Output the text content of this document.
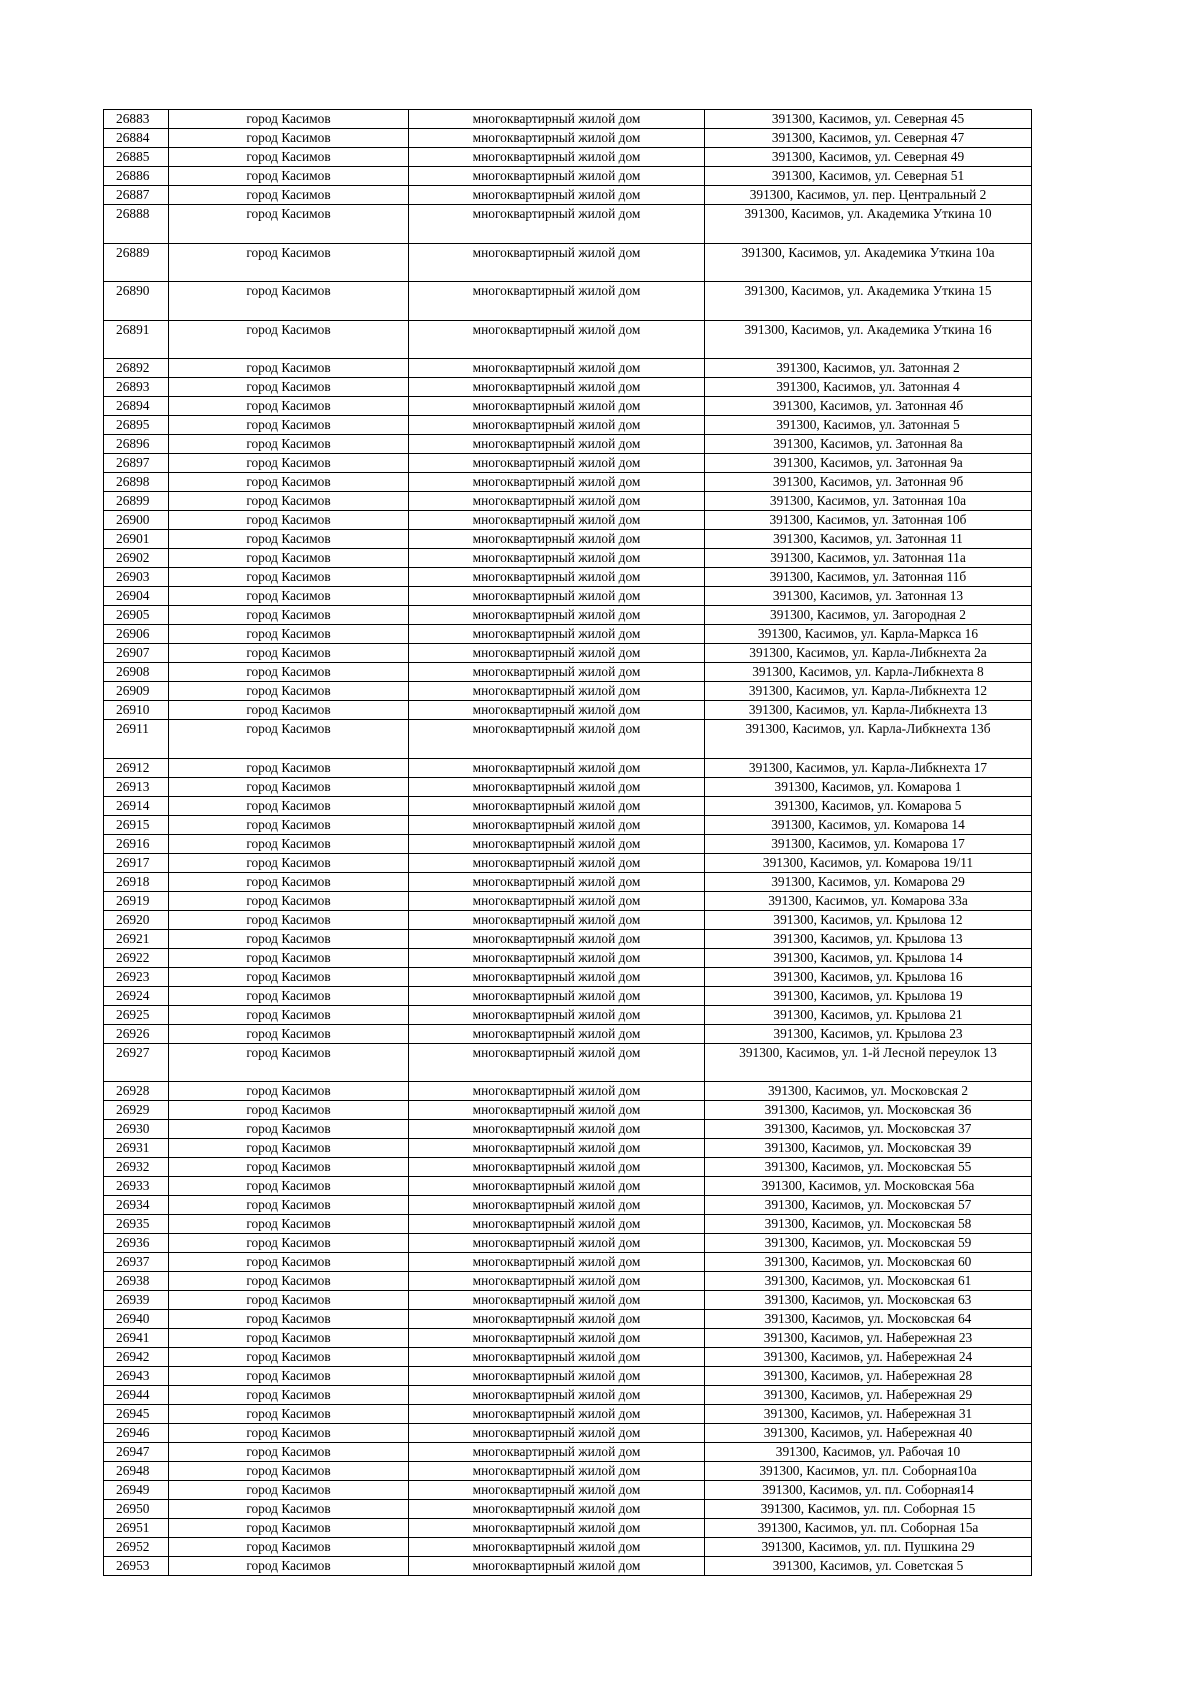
26883	город Касимов	многоквартирный жилой дом	391300, Касимов, ул. Северная 45
26884	город Касимов	многоквартирный жилой дом	391300, Касимов, ул. Северная 47
26885	город Касимов	многоквартирный жилой дом	391300, Касимов, ул. Северная 49
26886	город Касимов	многоквартирный жилой дом	391300, Касимов, ул. Северная 51
26887	город Касимов	многоквартирный жилой дом	391300, Касимов, ул. пер. Центральный 2
26888	город Касимов	многоквартирный жилой дом	391300, Касимов, ул. Академика Уткина 10
26889	город Касимов	многоквартирный жилой дом	391300, Касимов, ул. Академика Уткина 10а
26890	город Касимов	многоквартирный жилой дом	391300, Касимов, ул. Академика Уткина 15
26891	город Касимов	многоквартирный жилой дом	391300, Касимов, ул. Академика Уткина 16
26892	город Касимов	многоквартирный жилой дом	391300, Касимов, ул. Затонная 2
26893	город Касимов	многоквартирный жилой дом	391300, Касимов, ул. Затонная 4
26894	город Касимов	многоквартирный жилой дом	391300, Касимов, ул. Затонная 4б
26895	город Касимов	многоквартирный жилой дом	391300, Касимов, ул. Затонная 5
26896	город Касимов	многоквартирный жилой дом	391300, Касимов, ул. Затонная 8а
26897	город Касимов	многоквартирный жилой дом	391300, Касимов, ул. Затонная 9а
26898	город Касимов	многоквартирный жилой дом	391300, Касимов, ул. Затонная 9б
26899	город Касимов	многоквартирный жилой дом	391300, Касимов, ул. Затонная 10а
26900	город Касимов	многоквартирный жилой дом	391300, Касимов, ул. Затонная 10б
26901	город Касимов	многоквартирный жилой дом	391300, Касимов, ул. Затонная 11
26902	город Касимов	многоквартирный жилой дом	391300, Касимов, ул. Затонная 11а
26903	город Касимов	многоквартирный жилой дом	391300, Касимов, ул. Затонная 11б
26904	город Касимов	многоквартирный жилой дом	391300, Касимов, ул. Затонная 13
26905	город Касимов	многоквартирный жилой дом	391300, Касимов, ул. Загородная 2
26906	город Касимов	многоквартирный жилой дом	391300, Касимов, ул. Карла-Маркса 16
26907	город Касимов	многоквартирный жилой дом	391300, Касимов, ул. Карла-Либкнехта 2а
26908	город Касимов	многоквартирный жилой дом	391300, Касимов, ул. Карла-Либкнехта 8
26909	город Касимов	многоквартирный жилой дом	391300, Касимов, ул. Карла-Либкнехта 12
26910	город Касимов	многоквартирный жилой дом	391300, Касимов, ул. Карла-Либкнехта 13
26911	город Касимов	многоквартирный жилой дом	391300, Касимов, ул. Карла-Либкнехта 13б
26912	город Касимов	многоквартирный жилой дом	391300, Касимов, ул. Карла-Либкнехта 17
26913	город Касимов	многоквартирный жилой дом	391300, Касимов, ул. Комарова 1
26914	город Касимов	многоквартирный жилой дом	391300, Касимов, ул. Комарова 5
26915	город Касимов	многоквартирный жилой дом	391300, Касимов, ул. Комарова 14
26916	город Касимов	многоквартирный жилой дом	391300, Касимов, ул. Комарова 17
26917	город Касимов	многоквартирный жилой дом	391300, Касимов, ул. Комарова 19/11
26918	город Касимов	многоквартирный жилой дом	391300, Касимов, ул. Комарова 29
26919	город Касимов	многоквартирный жилой дом	391300, Касимов, ул. Комарова 33а
26920	город Касимов	многоквартирный жилой дом	391300, Касимов, ул. Крылова 12
26921	город Касимов	многоквартирный жилой дом	391300, Касимов, ул. Крылова 13
26922	город Касимов	многоквартирный жилой дом	391300, Касимов, ул. Крылова 14
26923	город Касимов	многоквартирный жилой дом	391300, Касимов, ул. Крылова 16
26924	город Касимов	многоквартирный жилой дом	391300, Касимов, ул. Крылова 19
26925	город Касимов	многоквартирный жилой дом	391300, Касимов, ул. Крылова 21
26926	город Касимов	многоквартирный жилой дом	391300, Касимов, ул. Крылова 23
26927	город Касимов	многоквартирный жилой дом	391300, Касимов, ул. 1-й Лесной переулок 13
26928	город Касимов	многоквартирный жилой дом	391300, Касимов, ул. Московская 2
26929	город Касимов	многоквартирный жилой дом	391300, Касимов, ул. Московская 36
26930	город Касимов	многоквартирный жилой дом	391300, Касимов, ул. Московская 37
26931	город Касимов	многоквартирный жилой дом	391300, Касимов, ул. Московская 39
26932	город Касимов	многоквартирный жилой дом	391300, Касимов, ул. Московская 55
26933	город Касимов	многоквартирный жилой дом	391300, Касимов, ул. Московская 56а
26934	город Касимов	многоквартирный жилой дом	391300, Касимов, ул. Московская 57
26935	город Касимов	многоквартирный жилой дом	391300, Касимов, ул. Московская 58
26936	город Касимов	многоквартирный жилой дом	391300, Касимов, ул. Московская 59
26937	город Касимов	многоквартирный жилой дом	391300, Касимов, ул. Московская 60
26938	город Касимов	многоквартирный жилой дом	391300, Касимов, ул. Московская 61
26939	город Касимов	многоквартирный жилой дом	391300, Касимов, ул. Московская 63
26940	город Касимов	многоквартирный жилой дом	391300, Касимов, ул. Московская 64
26941	город Касимов	многоквартирный жилой дом	391300, Касимов, ул. Набережная 23
26942	город Касимов	многоквартирный жилой дом	391300, Касимов, ул. Набережная 24
26943	город Касимов	многоквартирный жилой дом	391300, Касимов, ул. Набережная 28
26944	город Касимов	многоквартирный жилой дом	391300, Касимов, ул. Набережная 29
26945	город Касимов	многоквартирный жилой дом	391300, Касимов, ул. Набережная 31
26946	город Касимов	многоквартирный жилой дом	391300, Касимов, ул. Набережная 40
26947	город Касимов	многоквартирный жилой дом	391300, Касимов, ул. Рабочая 10
26948	город Касимов	многоквартирный жилой дом	391300, Касимов, ул. пл. Соборная10а
26949	город Касимов	многоквартирный жилой дом	391300, Касимов, ул. пл. Соборная14
26950	город Касимов	многоквартирный жилой дом	391300, Касимов, ул. пл. Соборная 15
26951	город Касимов	многоквартирный жилой дом	391300, Касимов, ул. пл. Соборная 15а
26952	город Касимов	многоквартирный жилой дом	391300, Касимов, ул. пл. Пушкина 29
26953	город Касимов	многоквартирный жилой дом	391300, Касимов, ул. Советская 5
